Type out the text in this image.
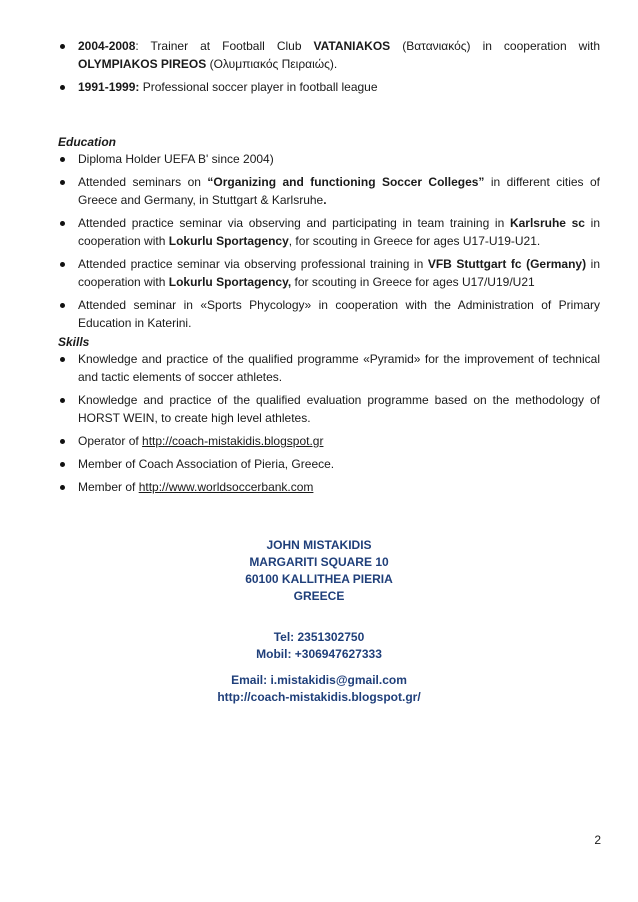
2004-2008: Trainer at Football Club VATANIAKOS (Βατανιακός) in cooperation with OLYMPIAKOS PIREOS (Ολυμπιακός Πειραιώς).
1991-1999: Professional soccer player in football league
Education
Diploma Holder UEFA B' since 2004)
Attended seminars on “Organizing and functioning Soccer Colleges” in different cities of Greece and Germany, in Stuttgart & Karlsruhe.
Attended practice seminar via observing and participating in team training in Karlsruhe sc in cooperation with Lokurlu Sportagency, for scouting in Greece for ages U17-U19-U21.
Attended practice seminar via observing professional training in VFB Stuttgart fc (Germany) in cooperation with Lokurlu Sportagency, for scouting in Greece for ages U17/U19/U21
Attended seminar in «Sports Phycology» in cooperation with the Administration of Primary Education in Katerini.
Skills
Knowledge and practice of the qualified programme «Pyramid» for the improvement of technical and tactic elements of soccer athletes.
Knowledge and practice of the qualified evaluation programme based on the methodology of HORST WEIN, to create high level athletes.
Operator of http://coach-mistakidis.blogspot.gr
Member of Coach Association of Pieria, Greece.
Member of http://www.worldsoccerbank.com
JOHN MISTAKIDIS
MARGARITI SQUARE 10
60100 KALLITHEA PIERIA
GREECE
Tel: 2351302750
Mobil: +306947627333
Email: i.mistakidis@gmail.com
http://coach-mistakidis.blogspot.gr/
2
